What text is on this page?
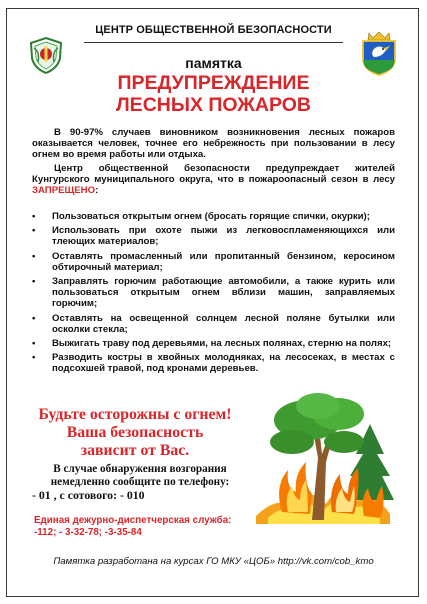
ЦЕНТР ОБЩЕСТВЕННОЙ БЕЗОПАСНОСТИ
памятка
ПРЕДУПРЕЖДЕНИЕ
ЛЕСНЫХ ПОЖАРОВ
В 90-97% случаев виновником возникновения лесных пожаров оказывается человек, точнее его небрежность при пользовании в лесу огнем во время работы или отдыха.
Центр общественной безопасности предупреждает жителей Кунгурского муниципального округа, что в пожароопасный сезон в лесу ЗАПРЕЩЕНО:
• Пользоваться открытым огнем (бросать горящие спички, окурки);
• Использовать при охоте пыжи из легковоспламеняющихся или тлеющих материалов;
• Оставлять промасленный или пропитанный бензином, керосином обтирочный материал;
• Заправлять горючим работающие автомобили, а также курить или пользоваться открытым огнем вблизи машин, заправляемых горючим;
• Оставлять на освещенной солнцем лесной поляне бутылки или осколки стекла;
• Выжигать траву под деревьями, на лесных полянах, стерню на полях;
• Разводить костры в хвойных молоднякax, на лесосеках, в местах с подсохшей травой, под кронами деревьев.
Будьте осторожны с огнем!
Ваша безопасность
зависит от Вас.
В случае обнаружения возгорания
немедленно сообщите по телефону:
- 01 , с сотового: - 010
Единая дежурно-диспетчерская служба:
-112; - 3-32-78; -3-35-84
Памятка разработана на курсах ГО МКУ «ЦОБ» http://vk.com/cob_kmo
